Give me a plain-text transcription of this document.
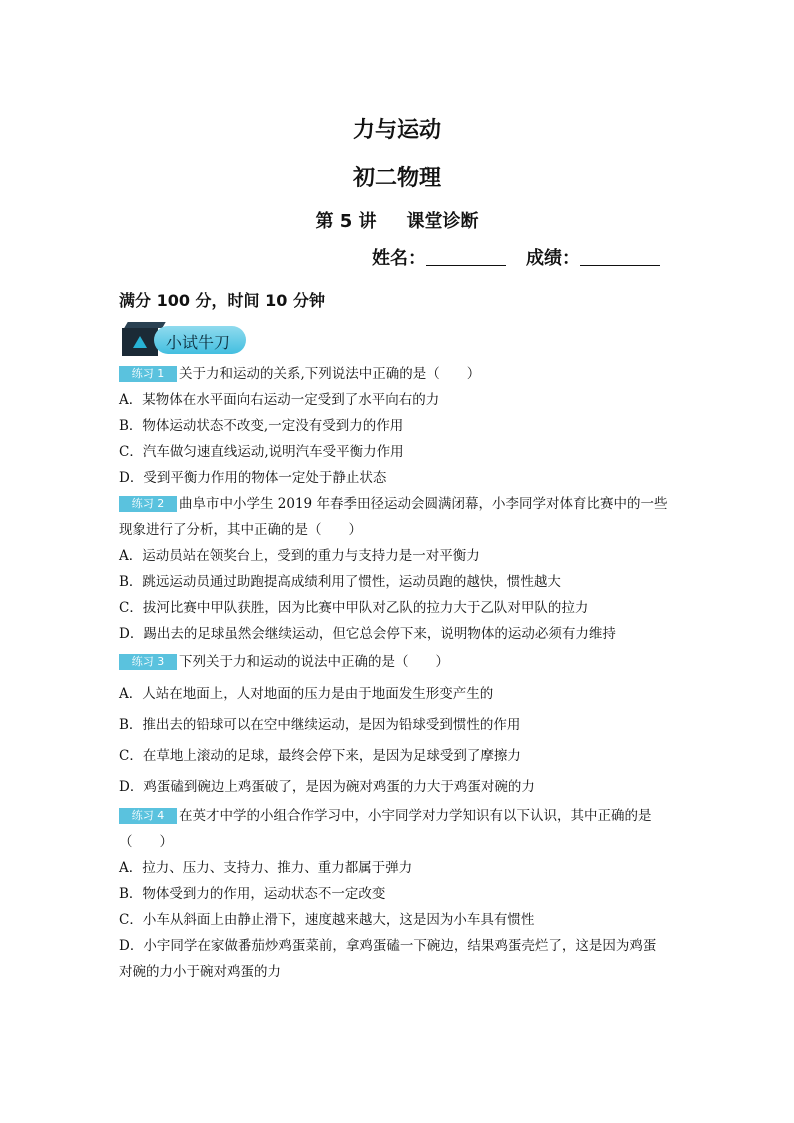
力与运动
初二物理
第 5 讲 课堂诊断
姓名：	成绩：
满分 100 分，时间 10 分钟
小试牛刀
练习 1 关于力和运动的关系,下列说法中正确的是（　　）
A．某物体在水平面向右运动一定受到了水平向右的力
B．物体运动状态不改变,一定没有受到力的作用
C．汽车做匀速直线运动,说明汽车受平衡力作用
D．受到平衡力作用的物体一定处于静止状态
练习 2 曲阜市中小学生 2019 年春季田径运动会圆满闭幕，小李同学对体育比赛中的一些
现象进行了分析，其中正确的是（　　）
A．运动员站在领奖台上，受到的重力与支持力是一对平衡力
B．跳远运动员通过助跑提高成绩利用了惯性，运动员跑的越快，惯性越大
C．拔河比赛中甲队获胜，因为比赛中甲队对乙队的拉力大于乙队对甲队的拉力
D．踢出去的足球虽然会继续运动，但它总会停下来，说明物体的运动必须有力维持
练习 3 下列关于力和运动的说法中正确的是（　　）
A．人站在地面上，人对地面的压力是由于地面发生形变产生的
B．推出去的铅球可以在空中继续运动，是因为铅球受到惯性的作用
C．在草地上滚动的足球，最终会停下来，是因为足球受到了摩擦力
D．鸡蛋磕到碗边上鸡蛋破了，是因为碗对鸡蛋的力大于鸡蛋对碗的力
练习 4 在英才中学的小组合作学习中，小宇同学对力学知识有以下认识，其中正确的是
（　　）
A．拉力、压力、支持力、推力、重力都属于弹力
B．物体受到力的作用，运动状态不一定改变
C．小车从斜面上由静止滑下，速度越来越大，这是因为小车具有惯性
D．小宇同学在家做番茄炒鸡蛋菜前，拿鸡蛋磕一下碗边，结果鸡蛋壳烂了，这是因为鸡蛋
对碗的力小于碗对鸡蛋的力
